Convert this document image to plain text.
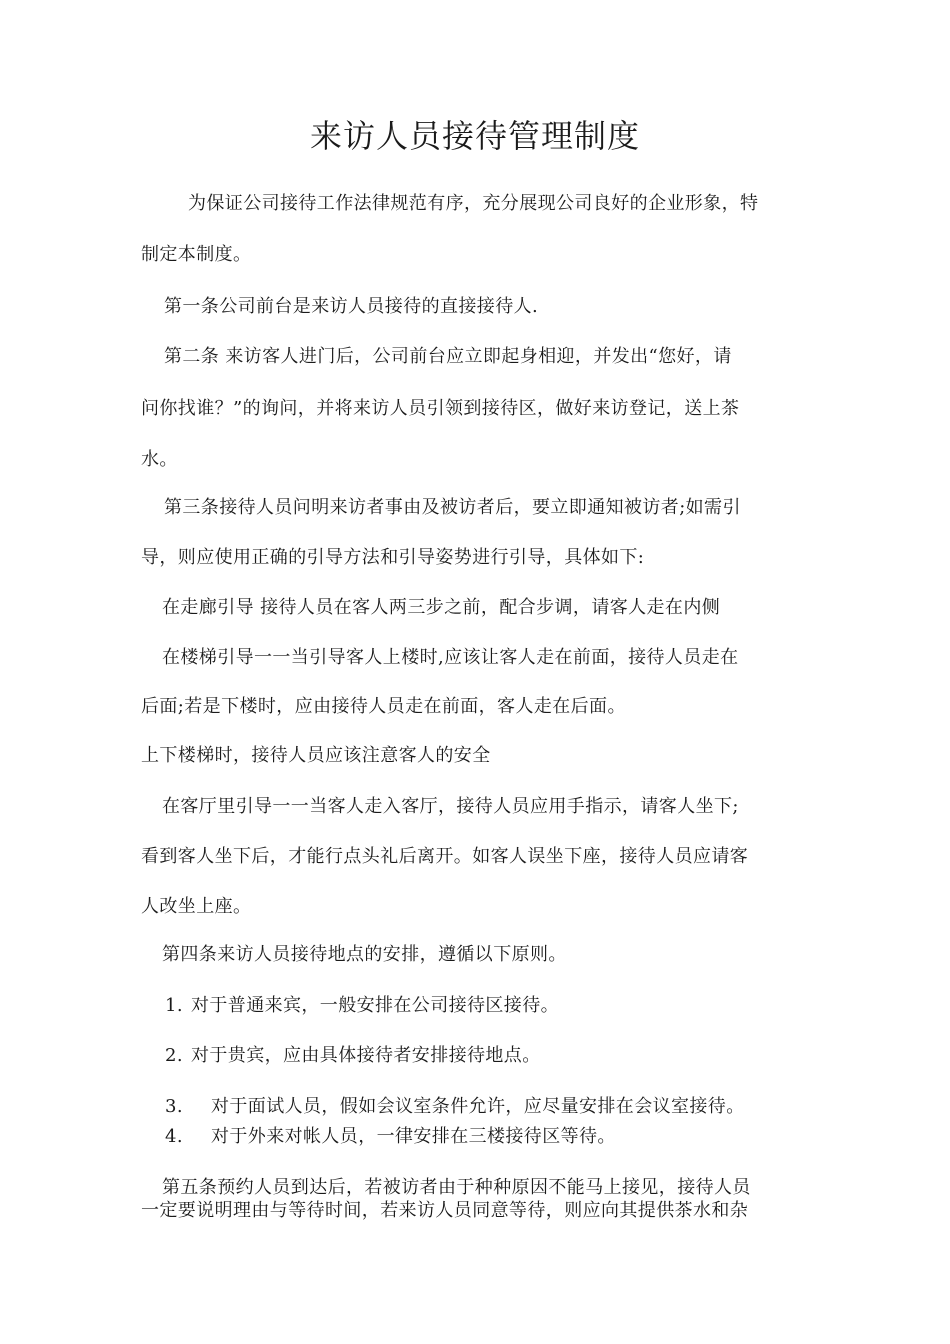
来访人员接待管理制度
为保证公司接待工作法律规范有序，充分展现公司良好的企业形象，特
制定本制度。
第一条公司前台是来访人员接待的直接接待人.
第二条 来访客人进门后，公司前台应立即起身相迎，并发出“您好，请
问你找谁？”的询问，并将来访人员引领到接待区，做好来访登记，送上茶
水。
第三条接待人员问明来访者事由及被访者后，要立即通知被访者;如需引
导，则应使用正确的引导方法和引导姿势进行引导，具体如下:
在走廊引导 接待人员在客人两三步之前，配合步调，请客人走在内侧
在楼梯引导一一当引导客人上楼时,应该让客人走在前面，接待人员走在
后面;若是下楼时，应由接待人员走在前面，客人走在后面。
上下楼梯时，接待人员应该注意客人的安全
在客厅里引导一一当客人走入客厅，接待人员应用手指示，请客人坐下;
看到客人坐下后，才能行点头礼后离开。如客人误坐下座，接待人员应请客
人改坐上座。
第四条来访人员接待地点的安排，遵循以下原则。
1. 对于普通来宾，一般安排在公司接待区接待。
2. 对于贵宾，应由具体接待者安排接待地点。
3. 对于面试人员，假如会议室条件允许，应尽量安排在会议室接待。
4. 对于外来对帐人员，一律安排在三楼接待区等待。
第五条预约人员到达后，若被访者由于种种原因不能马上接见，接待人员
一定要说明理由与等待时间，若来访人员同意等待，则应向其提供茶水和杂
